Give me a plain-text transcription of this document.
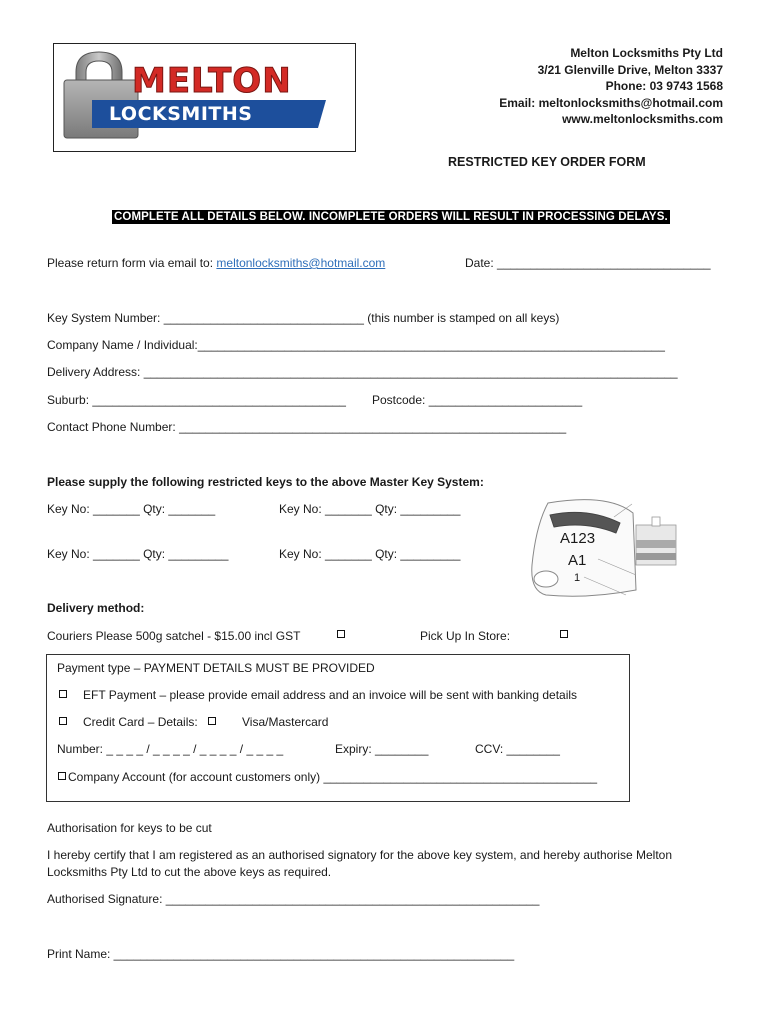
MELTON
LOCKSMITHS
Melton Locksmiths Pty Ltd
3/21 Glenville Drive, Melton 3337
Phone: 03 9743 1568
Email: meltonlocksmiths@hotmail.com
www.meltonlocksmiths.com
RESTRICTED KEY ORDER FORM
COMPLETE ALL DETAILS BELOW. INCOMPLETE ORDERS WILL RESULT IN PROCESSING DELAYS.
Please return form via email to: meltonlocksmiths@hotmail.com	Date: ________________________________
Key System Number: ______________________________ (this number is stamped on all keys)
Company Name / Individual:______________________________________________________________________
Delivery Address: ________________________________________________________________________________
Suburb: ______________________________________ Postcode: _______________________
Contact Phone Number: __________________________________________________________
Please supply the following restricted keys to the above Master Key System:
Key No: _______ Qty: _______	Key No: _______ Qty: _________
Key No: _______ Qty: _________	Key No: _______ Qty: _________
A123
A1
1
Delivery method:
Couriers Please 500g satchel - $15.00 incl GST	Pick Up In Store:
Payment type – PAYMENT DETAILS MUST BE PROVIDED
EFT Payment – please provide email address and an invoice will be sent with banking details
Credit Card – Details:	Visa/Mastercard
Number: _ _ _ _ / _ _ _ _ / _ _ _ _ / _ _ _ _	Expiry: ________	CCV: ________
Company Account (for account customers only) _________________________________________
Authorisation for keys to be cut
I hereby certify that I am registered as an authorised signatory for the above key system, and hereby authorise Melton
Locksmiths Pty Ltd to cut the above keys as required.
Authorised Signature: ________________________________________________________
Print Name: ____________________________________________________________
